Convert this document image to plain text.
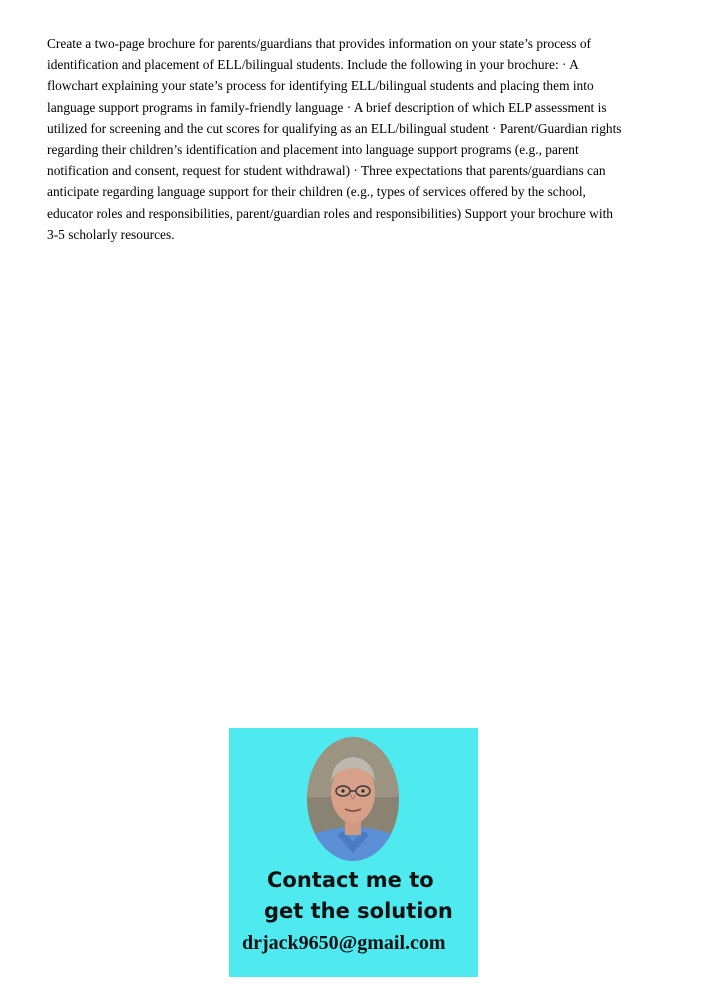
Create a two-page brochure for parents/guardians that provides information on your state’s process of identification and placement of ELL/bilingual students. Include the following in your brochure: · A flowchart explaining your state’s process for identifying ELL/bilingual students and placing them into language support programs in family-friendly language · A brief description of which ELP assessment is utilized for screening and the cut scores for qualifying as an ELL/bilingual student · Parent/Guardian rights regarding their children’s identification and placement into language support programs (e.g., parent notification and consent, request for student withdrawal) · Three expectations that parents/guardians can anticipate regarding language support for their children (e.g., types of services offered by the school, educator roles and responsibilities, parent/guardian roles and responsibilities) Support your brochure with 3-5 scholarly resources.

Contact me to

get the solution

drjack9650@gmail.com
